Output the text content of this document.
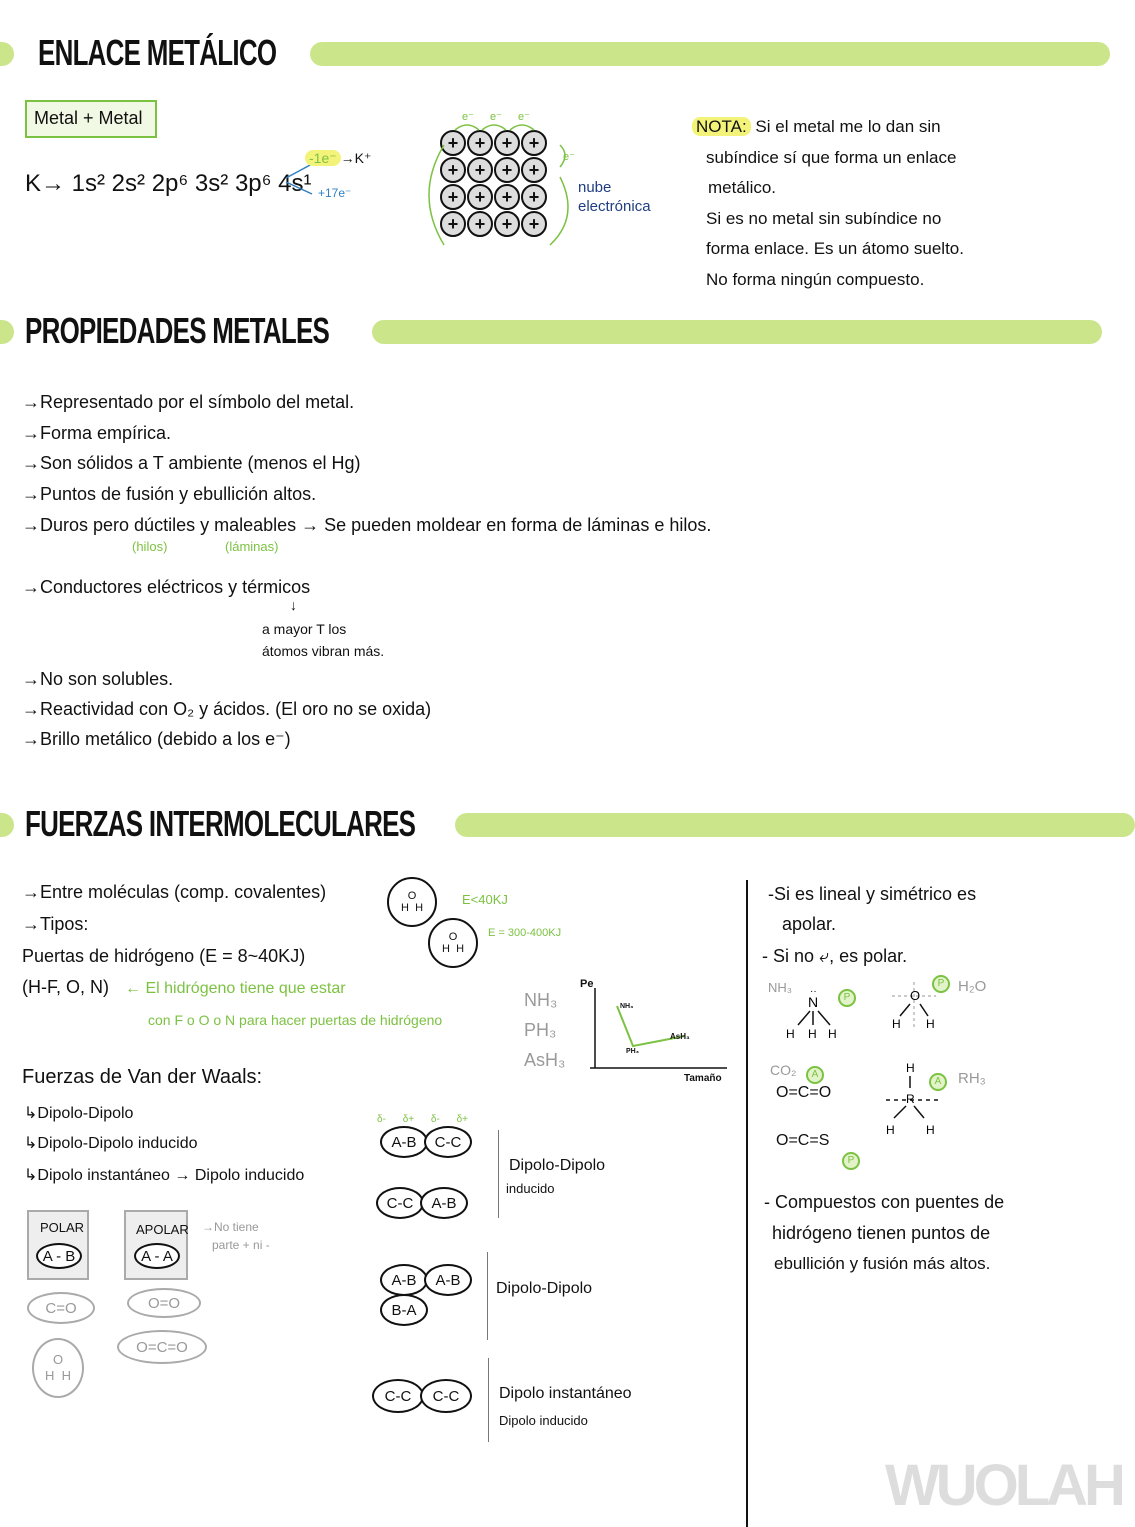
ENLACE METÁLICO
Metal + Metal
K→ 1s² 2s² 2p⁶ 3s² 3p⁶ 4s¹
-1e⁻ →K⁺
+17e⁻
+ + + +
+ + + +
+ + + +
+ + + +
e⁻ e⁻ e⁻
e⁻
nube
electrónica
NOTA: Si el metal me lo dan sin
subíndice sí que forma un enlace
metálico.
Si es no metal sin subíndice no
forma enlace. Es un átomo suelto.
No forma ningún compuesto.
PROPIEDADES METALES
→Representado por el símbolo del metal.
→Forma empírica.
→Son sólidos a T ambiente (menos el Hg)
→Puntos de fusión y ebullición altos.
→Duros pero dúctiles y maleables → Se pueden moldear en forma de láminas e hilos.
(hilos)	(láminas)
→Conductores eléctricos y térmicos
↓
a mayor T los
átomos vibran más.
→No son solubles.
→Reactividad con O₂ y ácidos. (El oro no se oxida)
→Brillo metálico (debido a los e⁻)
FUERZAS INTERMOLECULARES
→Entre moléculas (comp. covalentes)
→Tipos:
Puertas de hidrógeno (E = 8~40KJ)
(H-F, O, N) ← El hidrógeno tiene que estar
con F o O o N para hacer puertas de hidrógeno
O
H H
O
H H
E<40KJ
E = 300-400KJ
NH₃
PH₃
AsH₃
Pe
NH₃
PH₃
AsH₃
Tamaño
Fuerzas de Van der Waals:
↳Dipolo-Dipolo
↳Dipolo-Dipolo inducido
↳Dipolo instantáneo → Dipolo inducido
POLAR
A - B
APOLAR
A - A
→No tiene
parte + ni -
C=O	O=O
O=C=O
O
H H
δ- δ+ δ- δ+
A-B	C-C
C-C	A-B
Dipolo-Dipolo
inducido
A-B	A-B
B-A
Dipolo-Dipolo
C-C	C-C	Dipolo instantáneo
Dipolo inducido
-Si es lineal y simétrico es
apolar.
- Si no ⤶, es polar.
NH₃
N
··
H H H
P	O
H H
P H₂O
CO₂	A
O=C=O
O=C=S
P
H
R
H	H
A	RH₃
- Compuestos con puentes de
hidrógeno tienen puntos de
ebullición y fusión más altos.
WUOLAH
